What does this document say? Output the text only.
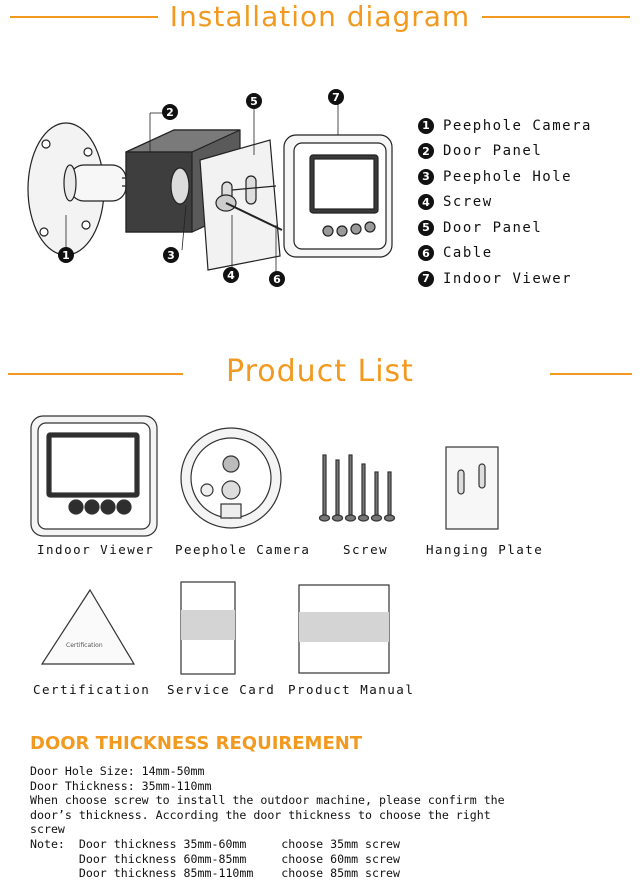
Installation diagram
1
2
3
4
5
6
7
1 Peephole Camera
2 Door Panel
3 Peephole Hole
4 Screw
5 Door Panel
6 Cable
7 Indoor Viewer
Product List
Certification
Indoor Viewer Peephole Camera	Screw	Hanging Plate
Certification Service Card Product Manual
DOOR THICKNESS REQUIREMENT
Door Hole Size: 14mm-50mm
Door Thickness: 35mm-110mm
When choose screw to install the outdoor machine, please confirm the
door’s thickness. According the door thickness to choose the right
screw
Note:  Door thickness 35mm-60mm     choose 35mm screw
Door thickness 60mm-85mm     choose 60mm screw
Door thickness 85mm-110mm    choose 85mm screw
